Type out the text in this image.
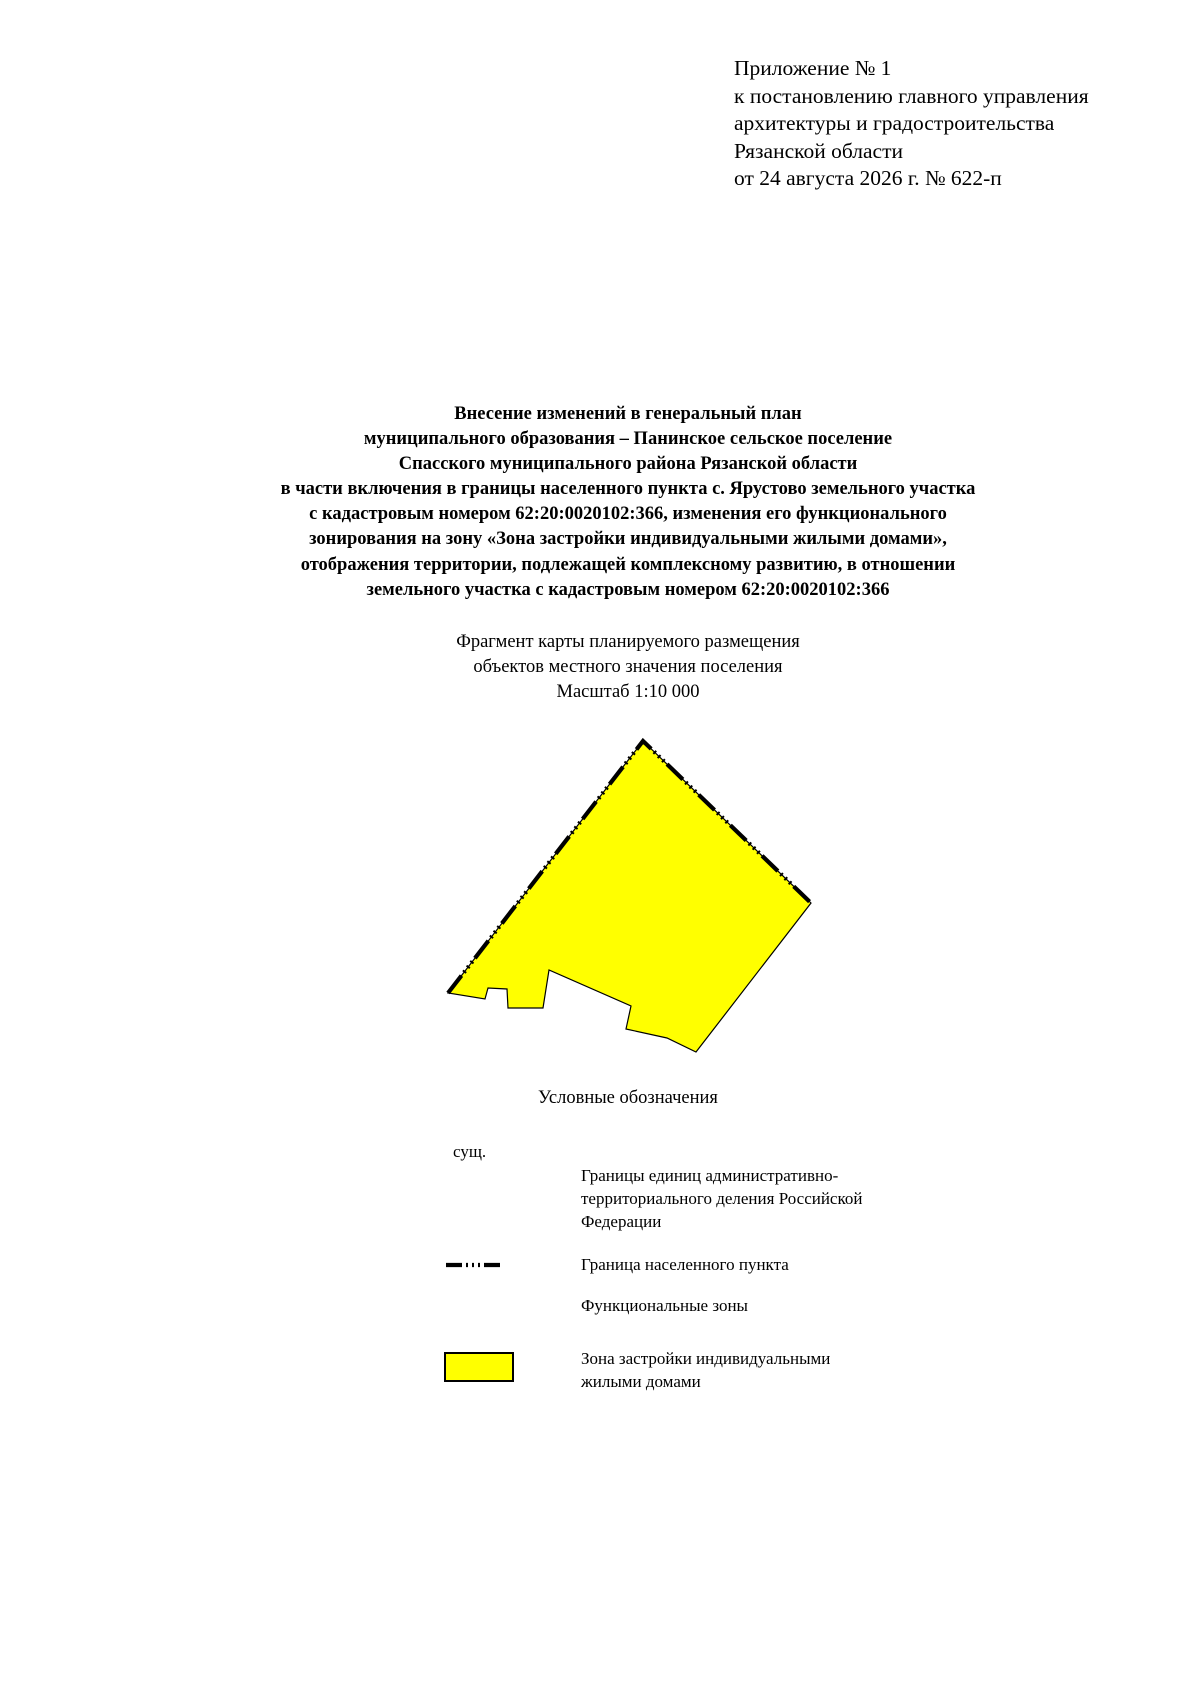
Приложение № 1
к постановлению главного управления
архитектуры и градостроительства
Рязанской области
от 24 августа 2026 г. № 622-п
Внесение изменений в генеральный план
муниципального образования – Панинское сельское поселение
Спасского муниципального района Рязанской области
в части включения в границы населенного пункта с. Ярустово земельного участка
с кадастровым номером 62:20:0020102:366, изменения его функционального
зонирования на зону «Зона застройки индивидуальными жилыми домами»,
отображения территории, подлежащей комплексному развитию, в отношении
земельного участка с кадастровым номером 62:20:0020102:366
Фрагмент карты планируемого размещения
объектов местного значения поселения
Масштаб 1:10 000
Условные обозначения
сущ.
Границы единиц административно-
территориального деления Российской
Федерации
Граница населенного пункта
Функциональные зоны
Зона застройки индивидуальными
жилыми домами
